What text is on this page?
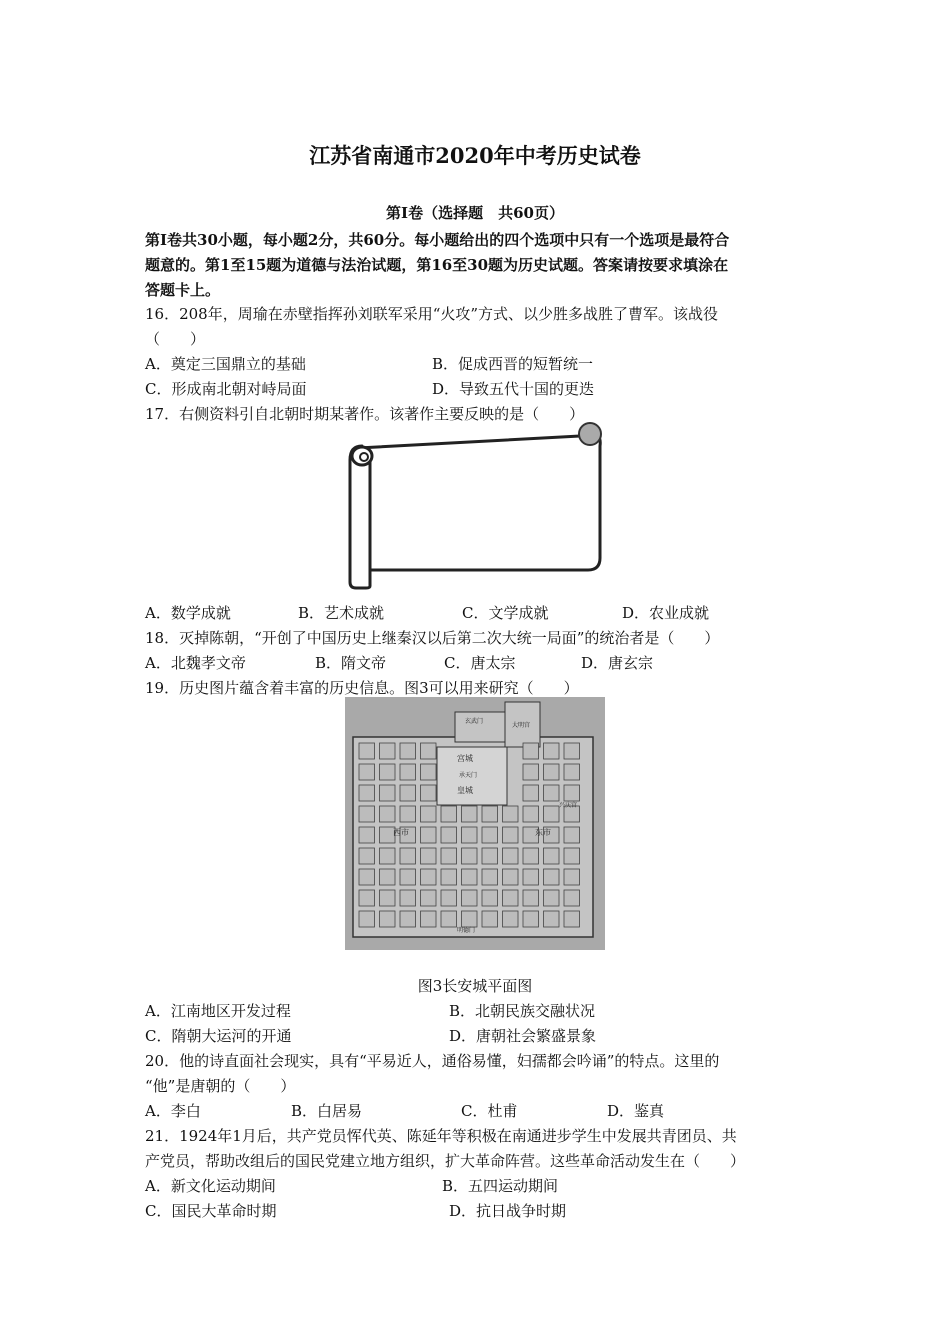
江苏省南通市2020年中考历史试卷
第I卷（选择题　共60页）
第I卷共30小题，每小题2分，共60分。每小题给出的四个选项中只有一个选项是最符合
题意的。第1至15题为道德与法治试题，第16至30题为历史试题。答案请按要求填涂在
答题卡上。
16．208年，周瑜在赤壁指挥孙刘联军采用“火攻”方式、以少胜多战胜了曹军。该战役
（　　）
A．奠定三国鼎立的基础	B．促成西晋的短暂统一
C．形成南北朝对峙局面	D．导致五代十国的更迭
17．右侧资料引自北朝时期某著作。该著作主要反映的是（　　）
A．数学成就	B．艺术成就	C．文学成就	D．农业成就
18．灭掉陈朝，“开创了中国历史上继秦汉以后第二次大统一局面”的统治者是（　　）
A．北魏孝文帝	B．隋文帝	C．唐太宗	D．唐玄宗
19．历史图片蕴含着丰富的历史信息。图3可以用来研究（　　）
宫城
皇城
西市	东市
大明宫
明德门
玄武门
承天门
兴庆宫
图3长安城平面图
A．江南地区开发过程	B．北朝民族交融状况
C．隋朝大运河的开通	D．唐朝社会繁盛景象
20．他的诗直面社会现实，具有“平易近人，通俗易懂，妇孺都会吟诵”的特点。这里的
“他”是唐朝的（　　）
A．李白	B．白居易	C．杜甫	D．鉴真
21．1924年1月后，共产党员恽代英、陈延年等积极在南通进步学生中发展共青团员、共
产党员，帮助改组后的国民党建立地方组织，扩大革命阵营。这些革命活动发生在（　　）
A．新文化运动期间	B．五四运动期间
C．国民大革命时期	D．抗日战争时期
